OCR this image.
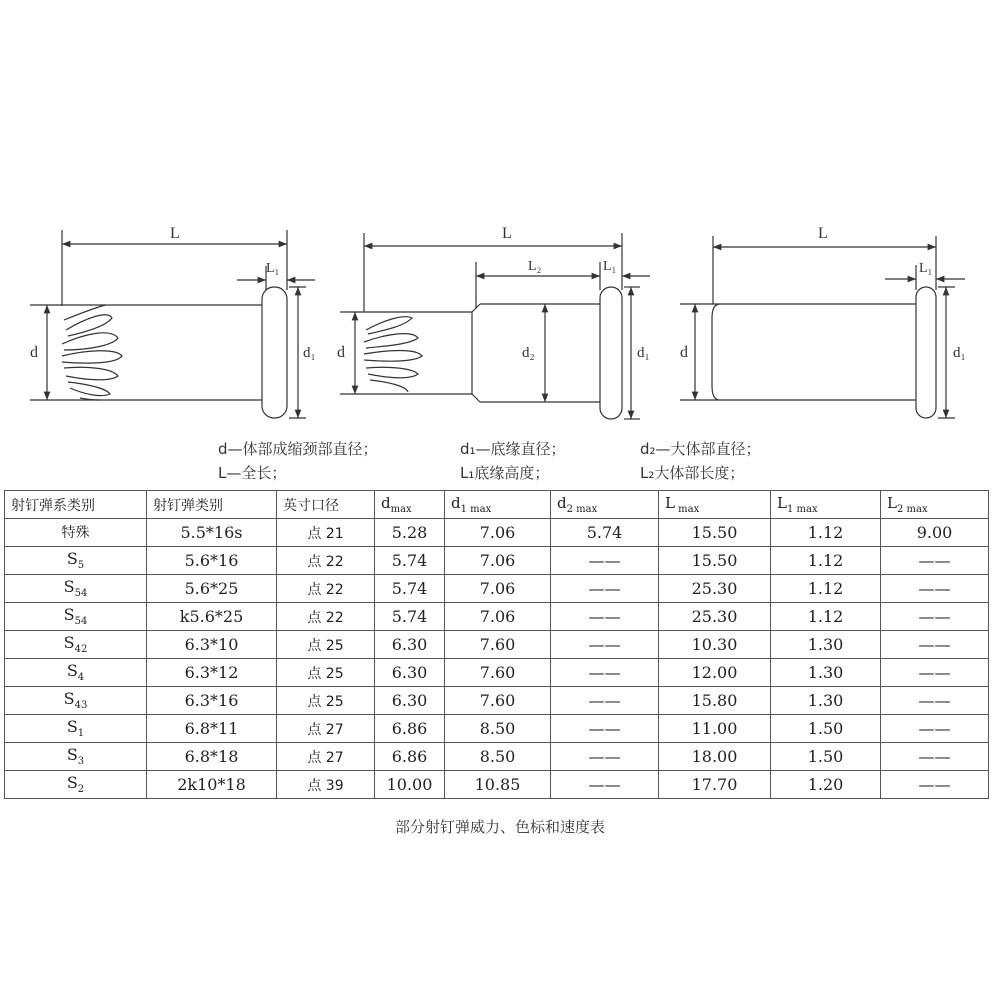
L
L₁
d	d₁
L
L₂	L₁
d	d₂	d₁
L
L₁
d	d₁
d—体部成缩颈部直径；	d₁—底缘直径；	d₂—大体部直径；
L—全长；	L₁底缘高度；	L₂大体部长度；
射钉弹系类别	射钉弹类别	英寸口径	$d_{max}$	$d_{1 max}$	$d_{2 max}$	L $_{max}$	$L_{1 max}$	$L_{2 max}$
特殊	5.5*16s	点 21	5.28	7.06	5.74	15.50	1.12	9.00
$S_5$	5.6*16	点 22	5.74	7.06	——	15.50	1.12	——
$S_{54}$	5.6*25	点 22	5.74	7.06	——	25.30	1.12	——
$S_{54}$	k5.6*25	点 22	5.74	7.06	——	25.30	1.12	——
$S_{42}$	6.3*10	点 25	6.30	7.60	——	10.30	1.30	——
$S_4$	6.3*12	点 25	6.30	7.60	——	12.00	1.30	——
$S_{43}$	6.3*16	点 25	6.30	7.60	——	15.80	1.30	——
$S_1$	6.8*11	点 27	6.86	8.50	——	11.00	1.50	——
$S_3$	6.8*18	点 27	6.86	8.50	——	18.00	1.50	——
$S_2$	2k10*18	点 39	10.00	10.85	——	17.70	1.20	——
部分射钉弹威力、色标和速度表
